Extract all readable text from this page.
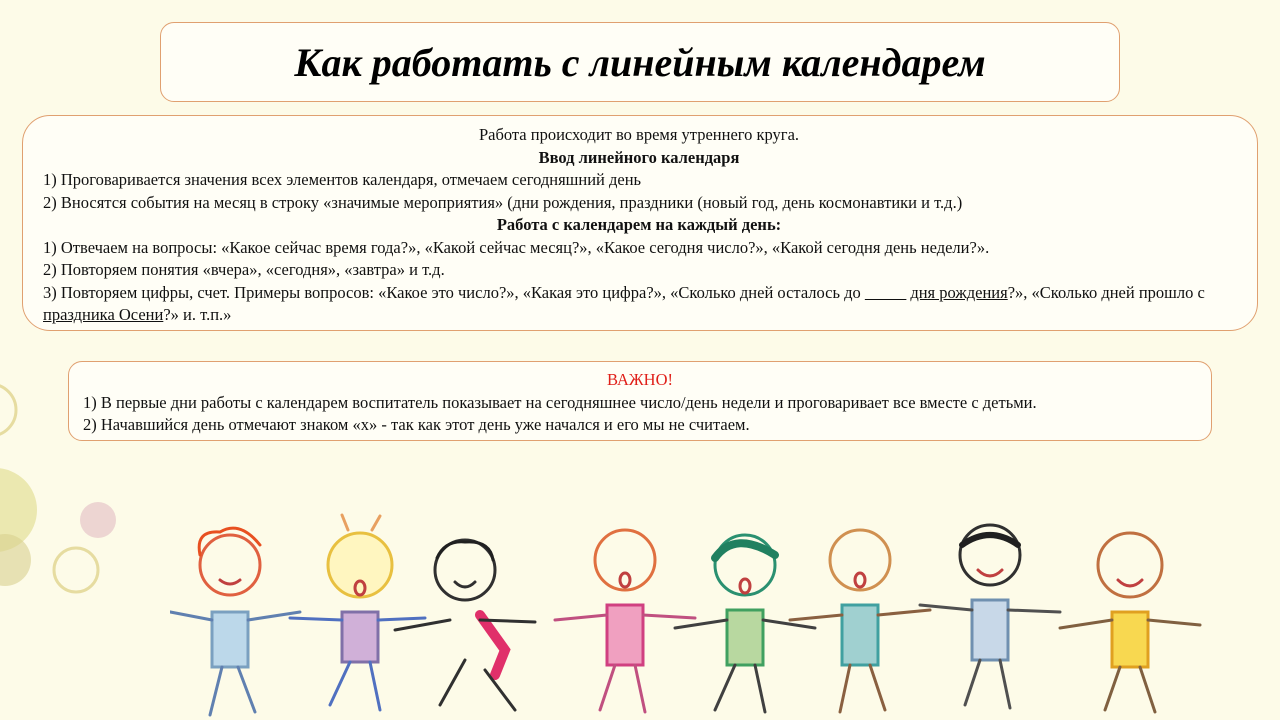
Как работать с линейным календарем

Работа происходит во время утреннего круга.

Ввод линейного календаря

1) Проговаривается значения всех элементов календаря, отмечаем сегодняшний день

2) Вносятся события на месяц в строку «значимые мероприятия» (дни рождения, праздники (новый год, день космонавтики и т.д.)

Работа с календарем на каждый день:

1) Отвечаем на вопросы: «Какое сейчас время года?», «Какой сейчас месяц?», «Какое сегодня число?», «Какой сегодня день недели?».

2) Повторяем понятия «вчера», «сегодня», «завтра» и т.д.

3) Повторяем цифры, счет. Примеры вопросов: «Какое это число?», «Какая это цифра?», «Сколько дней осталось до _____ дня рождения?», «Сколько дней прошло с праздника Осени?» и. т.п.»

ВАЖНО!

1) В первые дни работы с календарем воспитатель показывает на сегодняшнее число/день недели и проговаривает все вместе с детьми.

2) Начавшийся день отмечают знаком «х» - так как этот день уже начался и его мы не считаем.
